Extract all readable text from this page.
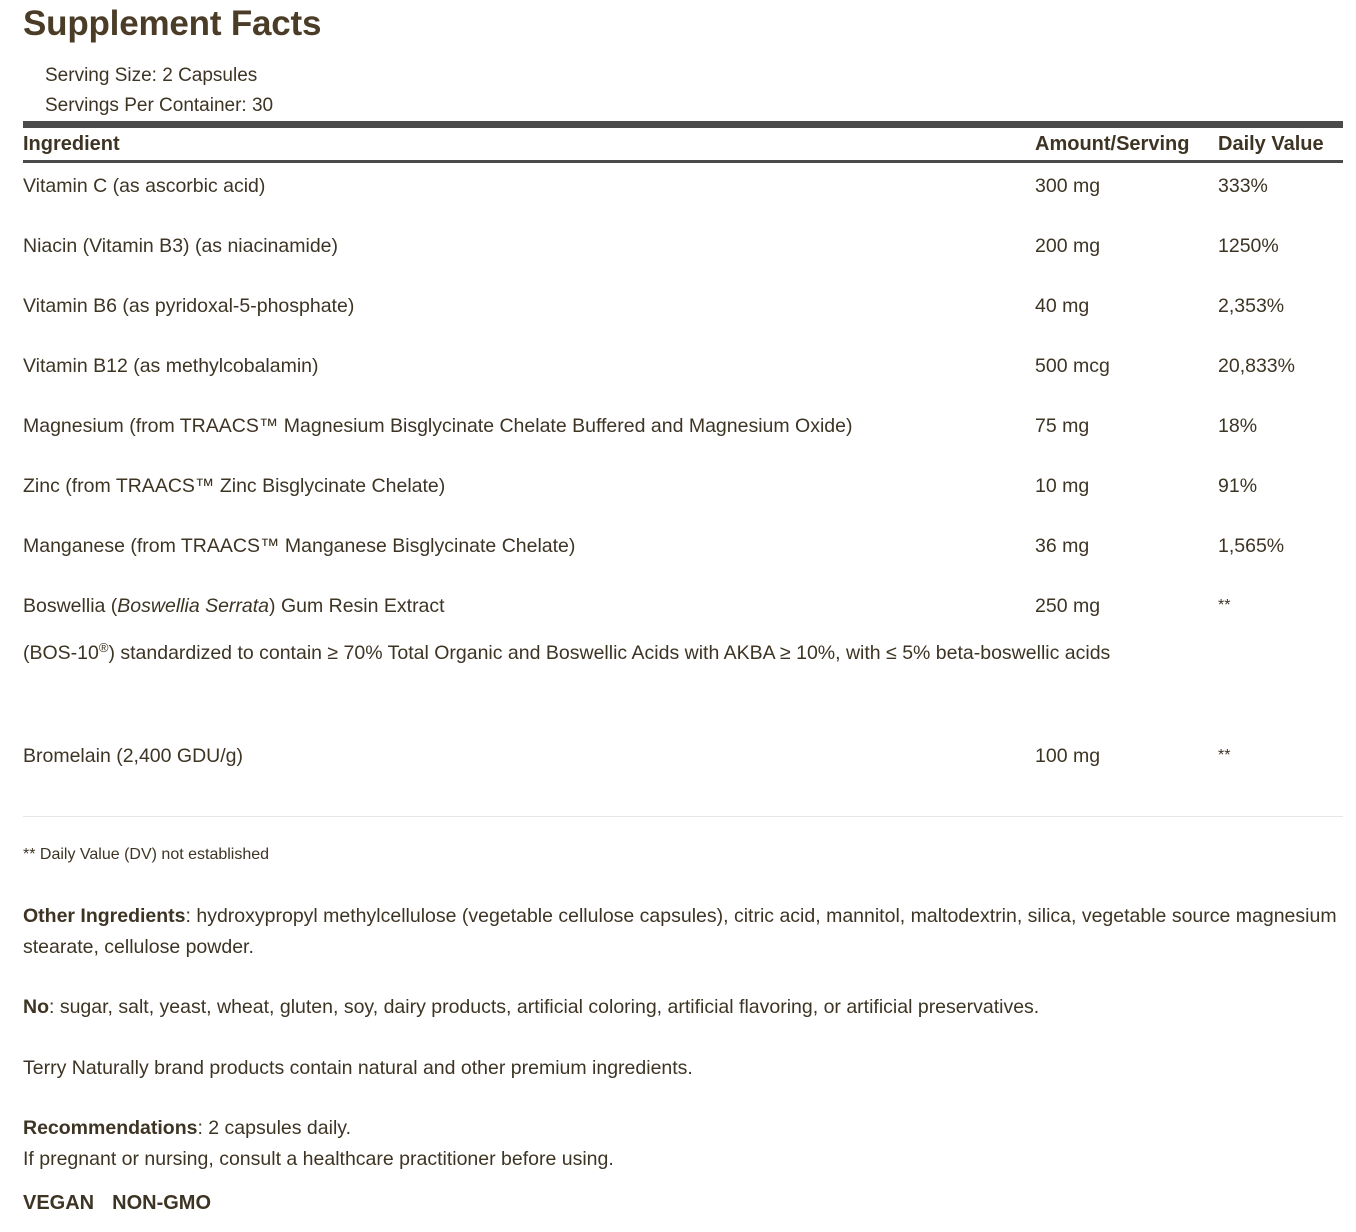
Supplement Facts
Serving Size: 2 Capsules
Servings Per Container: 30
Ingredient	Amount/Serving Daily Value
Vitamin C (as ascorbic acid)	300 mg	333%
Niacin (Vitamin B3) (as niacinamide)	200 mg	1250%
Vitamin B6 (as pyridoxal-5-phosphate)	40 mg	2,353%
Vitamin B12 (as methylcobalamin)	500 mcg	20,833%
Magnesium (from TRAACS™ Magnesium Bisglycinate Chelate Buffered and Magnesium Oxide)	75 mg	18%
Zinc (from TRAACS™ Zinc Bisglycinate Chelate)	10 mg	91%
Manganese (from TRAACS™ Manganese Bisglycinate Chelate)	36 mg	1,565%
Boswellia (Boswellia Serrata) Gum Resin Extract	250 mg	**
(BOS-10®) standardized to contain ≥ 70% Total Organic and Boswellic Acids with AKBA ≥ 10%, with ≤ 5% beta-boswellic acids
Bromelain (2,400 GDU/g)	100 mg	**
** Daily Value (DV) not established
Other Ingredients: hydroxypropyl methylcellulose (vegetable cellulose capsules), citric acid, mannitol, maltodextrin, silica, vegetable source magnesium stearate, cellulose powder.
No: sugar, salt, yeast, wheat, gluten, soy, dairy products, artificial coloring, artificial flavoring, or artificial preservatives.
Terry Naturally brand products contain natural and other premium ingredients.
Recommendations: 2 capsules daily.
If pregnant or nursing, consult a healthcare practitioner before using.
VEGAN NON-GMO
